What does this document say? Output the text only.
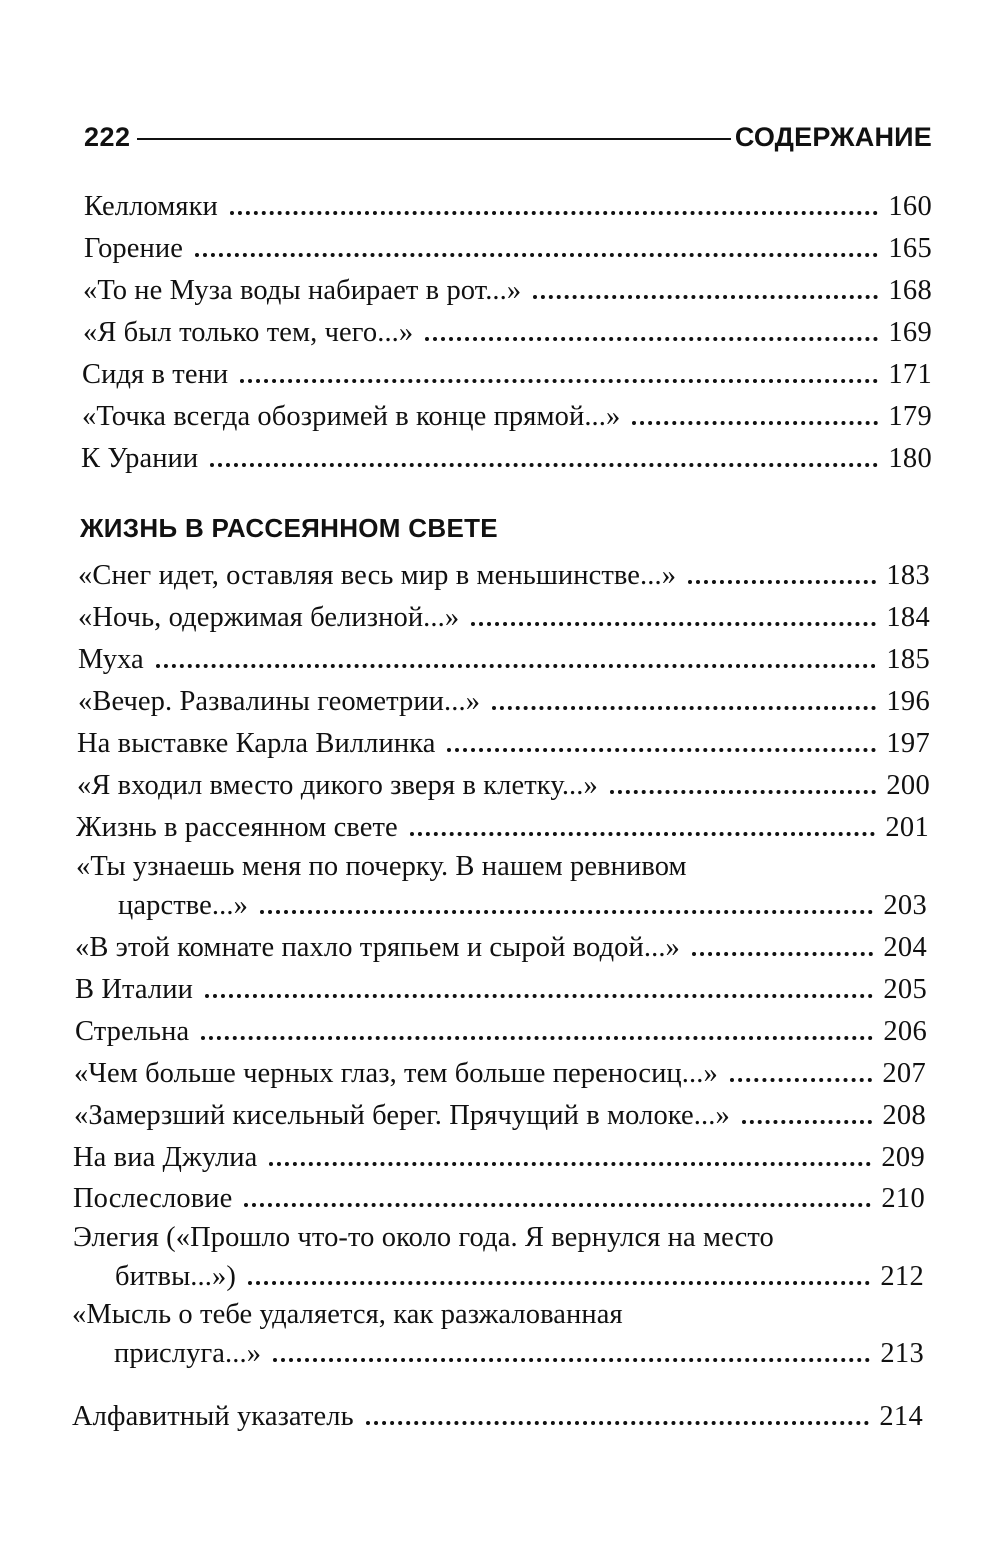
222	СОДЕРЖАНИЕ
Келломяки	160
Горение	165
«То не Муза воды набирает в рот...»	168
«Я был только тем, чего...»	169
Сидя в тени	171
«Точка всегда обозримей в конце прямой...»	179
К Урании	180
ЖИЗНЬ В РАССЕЯННОМ СВЕТЕ
«Снег идет, оставляя весь мир в меньшинстве...»	183
«Ночь, одержимая белизной...»	184
Муха	185
«Вечер. Развалины геометрии...»	196
На выставке Карла Виллинка	197
«Я входил вместо дикого зверя в клетку...»	200
Жизнь в рассеянном свете	201
«Ты узнаешь меня по почерку. В нашем ревнивом
царстве...»	203
«В этой комнате пахло тряпьем и сырой водой...»	204
В Италии	205
Стрельна	206
«Чем больше черных глаз, тем больше переносиц...»	207
«Замерзший кисельный берег. Прячущий в молоке...»	208
На виа Джулиа	209
Послесловие	210
Элегия («Прошло что-то около года. Я вернулся на место
битвы...»)	212
«Мысль о тебе удаляется, как разжалованная
прислуга...»	213
Алфавитный указатель	214
